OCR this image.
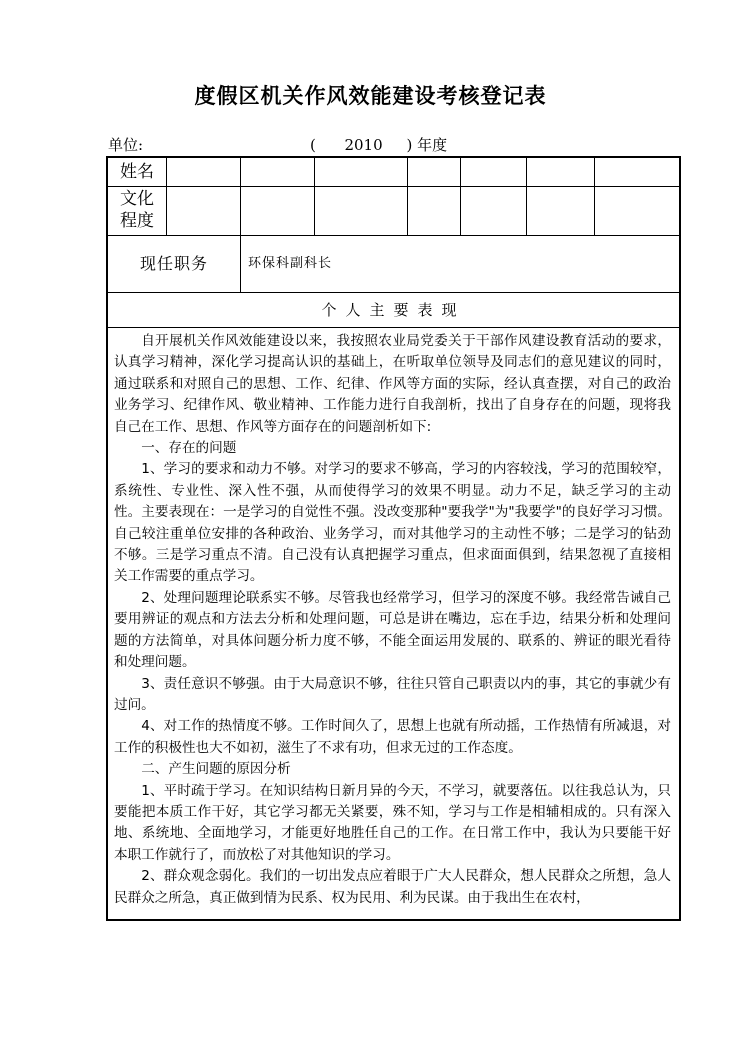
度假区机关作风效能建设考核登记表
单位:	( 2010 ) 年度
姓名
文化
程度
现任职务	环保科副科长
个人主要表现

自开展机关作风效能建设以来，我按照农业局党委关于干部作风建设教育活动的要求，认真学习精神，深化学习提高认识的基础上，在听取单位领导及同志们的意见建议的同时，通过联系和对照自己的思想、工作、纪律、作风等方面的实际，经认真查摆，对自己的政治业务学习、纪律作风、敬业精神、工作能力进行自我剖析，找出了自身存在的问题，现将我自己在工作、思想、作风等方面存在的问题剖析如下:

一、存在的问题

1、学习的要求和动力不够。对学习的要求不够高，学习的内容较浅，学习的范围较窄，系统性、专业性、深入性不强，从而使得学习的效果不明显。动力不足，缺乏学习的主动性。主要表现在：一是学习的自觉性不强。没改变那种"要我学"为"我要学"的良好学习习惯。自己较注重单位安排的各种政治、业务学习，而对其他学习的主动性不够；二是学习的钻劲不够。三是学习重点不清。自己没有认真把握学习重点，但求面面俱到，结果忽视了直接相关工作需要的重点学习。

2、处理问题理论联系实不够。尽管我也经常学习，但学习的深度不够。我经常告诫自己要用辨证的观点和方法去分析和处理问题，可总是讲在嘴边，忘在手边，结果分析和处理问题的方法简单，对具体问题分析力度不够，不能全面运用发展的、联系的、辨证的眼光看待和处理问题。

3、责任意识不够强。由于大局意识不够，往往只管自己职责以内的事，其它的事就少有过问。

4、对工作的热情度不够。工作时间久了，思想上也就有所动摇，工作热情有所减退，对工作的积极性也大不如初，滋生了不求有功，但求无过的工作态度。

二、产生问题的原因分析

1、平时疏于学习。在知识结构日新月异的今天，不学习，就要落伍。以往我总认为，只要能把本质工作干好，其它学习都无关紧要，殊不知，学习与工作是相辅相成的。只有深入地、系统地、全面地学习，才能更好地胜任自己的工作。在日常工作中，我认为只要能干好本职工作就行了，而放松了对其他知识的学习。

2、群众观念弱化。我们的一切出发点应着眼于广大人民群众，想人民群众之所想，急人民群众之所急，真正做到情为民系、权为民用、利为民谋。由于我出生在农村，
